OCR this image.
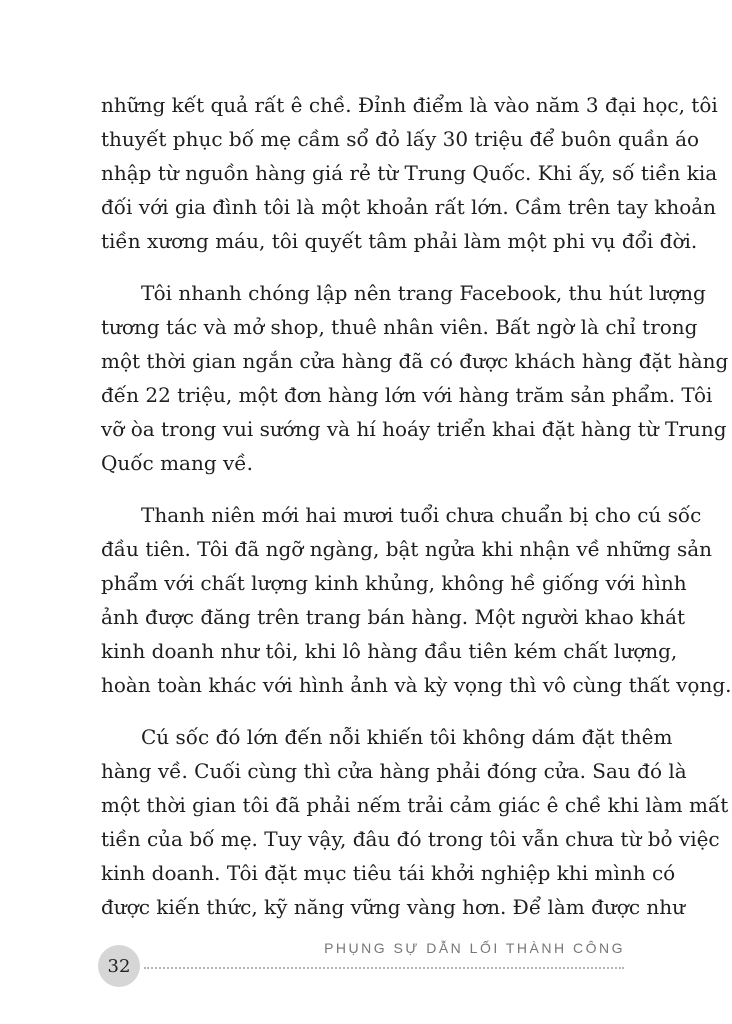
những kết quả rất ê chề. Đỉnh điểm là vào năm 3 đại học, tôi
thuyết phục bố mẹ cầm sổ đỏ lấy 30 triệu để buôn quần áo
nhập từ nguồn hàng giá rẻ từ Trung Quốc. Khi ấy, số tiền kia
đối với gia đình tôi là một khoản rất lớn. Cầm trên tay khoản
tiền xương máu, tôi quyết tâm phải làm một phi vụ đổi đời.
Tôi nhanh chóng lập nên trang Facebook, thu hút lượng
tương tác và mở shop, thuê nhân viên. Bất ngờ là chỉ trong
một thời gian ngắn cửa hàng đã có được khách hàng đặt hàng
đến 22 triệu, một đơn hàng lớn với hàng trăm sản phẩm. Tôi
vỡ òa trong vui sướng và hí hoáy triển khai đặt hàng từ Trung
Quốc mang về.
Thanh niên mới hai mươi tuổi chưa chuẩn bị cho cú sốc
đầu tiên. Tôi đã ngỡ ngàng, bật ngửa khi nhận về những sản
phẩm với chất lượng kinh khủng, không hề giống với hình
ảnh được đăng trên trang bán hàng. Một người khao khát
kinh doanh như tôi, khi lô hàng đầu tiên kém chất lượng,
hoàn toàn khác với hình ảnh và kỳ vọng thì vô cùng thất vọng.
Cú sốc đó lớn đến nỗi khiến tôi không dám đặt thêm
hàng về. Cuối cùng thì cửa hàng phải đóng cửa. Sau đó là
một thời gian tôi đã phải nếm trải cảm giác ê chề khi làm mất
tiền của bố mẹ. Tuy vậy, đâu đó trong tôi vẫn chưa từ bỏ việc
kinh doanh. Tôi đặt mục tiêu tái khởi nghiệp khi mình có
được kiến thức, kỹ năng vững vàng hơn. Để làm được như
PHỤNG SỰ DẪN LỐI THÀNH CÔNG
32
